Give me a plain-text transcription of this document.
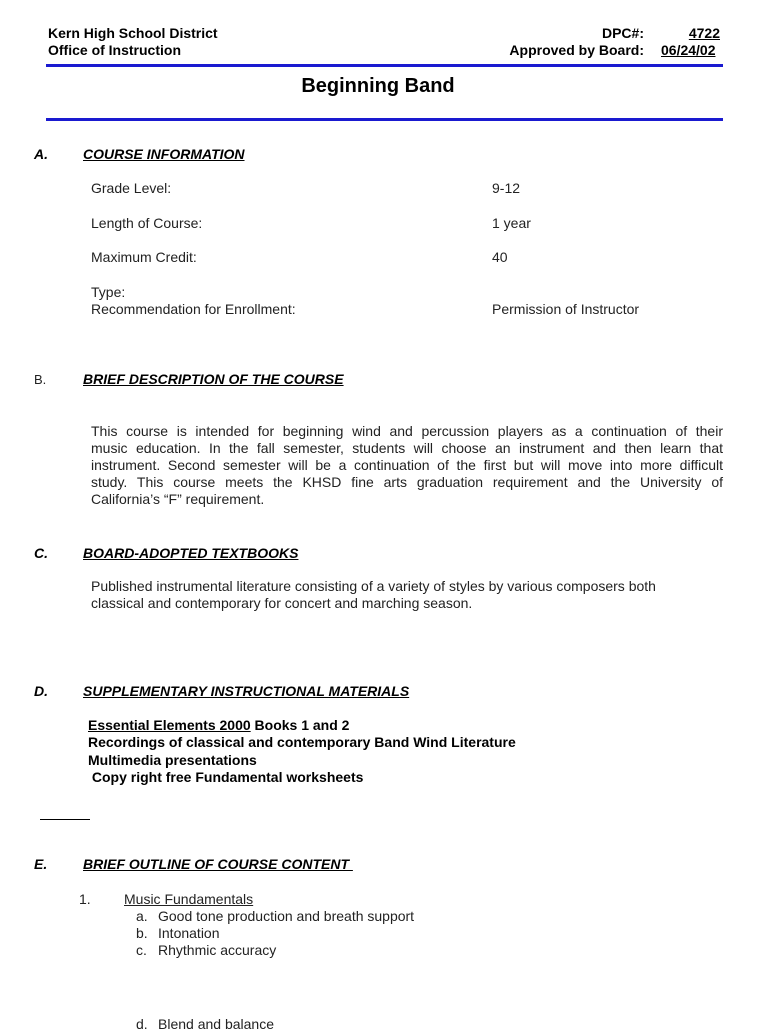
Kern High School District
Office of Instruction
DPC#:	4722
Approved by Board: 06/24/02
Beginning Band
A.	COURSE INFORMATION
Grade Level:	9-12
Length of Course:	1 year
Maximum Credit:	40
Type:
Recommendation for Enrollment:	Permission of Instructor
B.	BRIEF DESCRIPTION OF THE COURSE
This course is intended for beginning wind and percussion players as a continuation of their
music education. In the fall semester, students will choose an instrument and then learn that
instrument. Second semester will be a continuation of the first but will move into more difficult
study. This course meets the KHSD fine arts graduation requirement and the University of
California’s “F” requirement.
C.	BOARD-ADOPTED TEXTBOOKS
Published instrumental literature consisting of a variety of styles by various composers both
classical and contemporary for concert and marching season.
D.	SUPPLEMENTARY INSTRUCTIONAL MATERIALS
Essential Elements 2000 Books 1 and 2
Recordings of classical and contemporary Band Wind Literature
Multimedia presentations
Copy right free Fundamental worksheets
E.	BRIEF OUTLINE OF COURSE CONTENT
1. Music Fundamentals
a. Good tone production and breath support
b. Intonation
c. Rhythmic accuracy
d. Blend and balance
